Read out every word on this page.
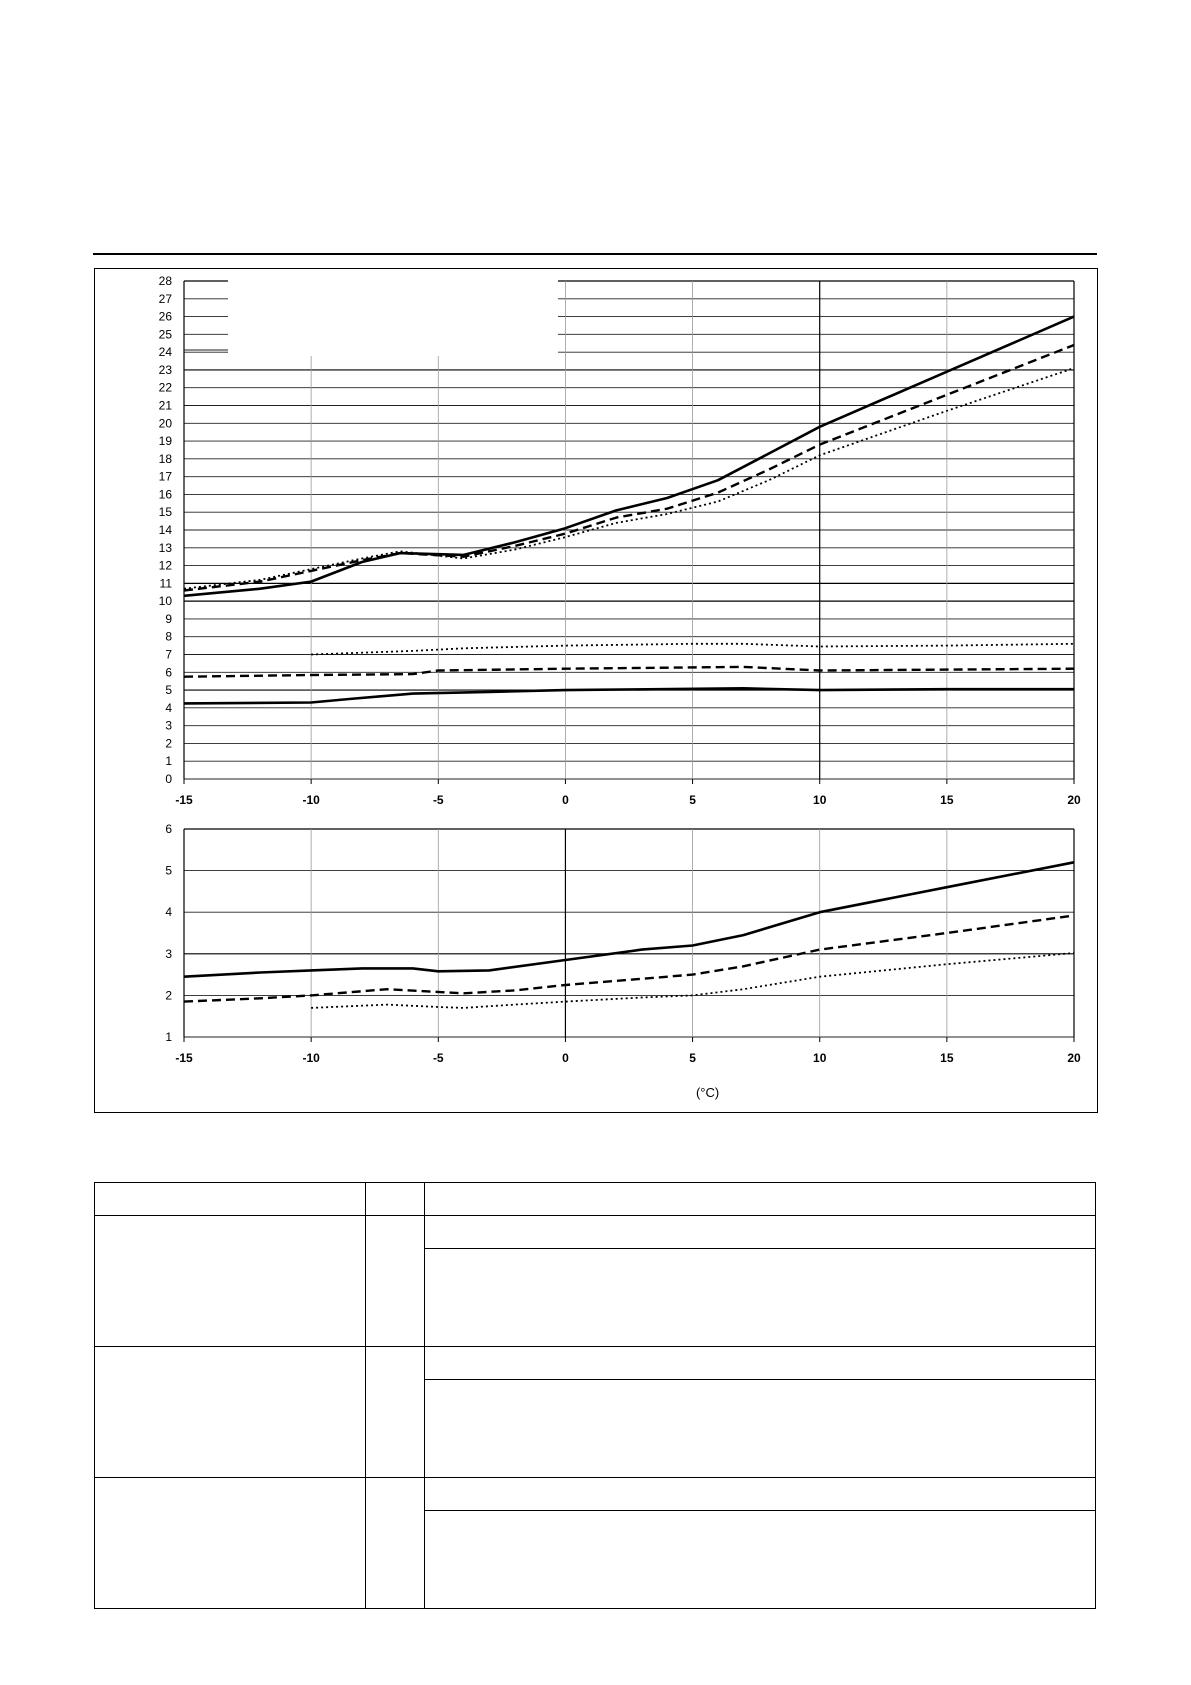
0
1
2
3
4
5
6
7
8
9
10
11
12
13
14
15
16
17
18
19
20
21
22
23
24
25
26
27
28
-15	-10	-5	0	5	10	15	20
1
2
3
4
5
6
-15	-10	-5	0	5	10	15	20
(°C)
